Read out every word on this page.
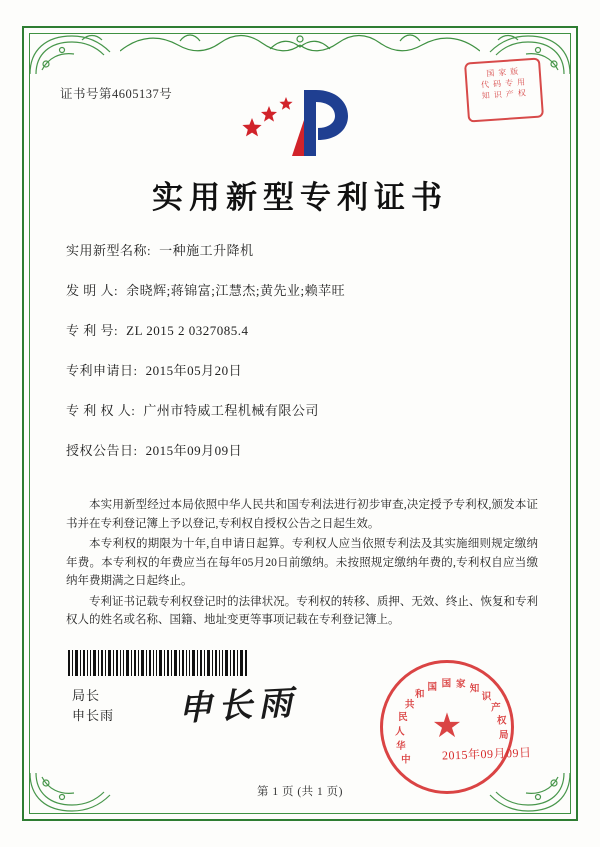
证书号第4605137号
国 家 版
代 码 专 用
知 识 产 权
实用新型专利证书
实用新型名称: 一种施工升降机
发 明 人: 余晓辉;蒋锦富;江慧杰;黄先业;赖苹旺
专 利 号: ZL 2015 2 0327085.4
专利申请日: 2015年05月20日
专 利 权 人: 广州市特威工程机械有限公司
授权公告日: 2015年09月09日

本实用新型经过本局依照中华人民共和国专利法进行初步审查,决定授予专利权,颁发本证书并在专利登记簿上予以登记,专利权自授权公告之日起生效。

本专利权的期限为十年,自申请日起算。专利权人应当依照专利法及其实施细则规定缴纳年费。本专利权的年费应当在每年05月20日前缴纳。未按照规定缴纳年费的,专利权自应当缴纳年费期满之日起终止。

专利证书记载专利权登记时的法律状况。专利权的转移、质押、无效、终止、恢复和专利权人的姓名或名称、国籍、地址变更等事项记载在专利登记簿上。

局长
申长雨 申长雨
中
华
人
民
共
和
国 国 家 知
识
产
权
局
★
2015年09月09日
第 1 页 (共 1 页)
